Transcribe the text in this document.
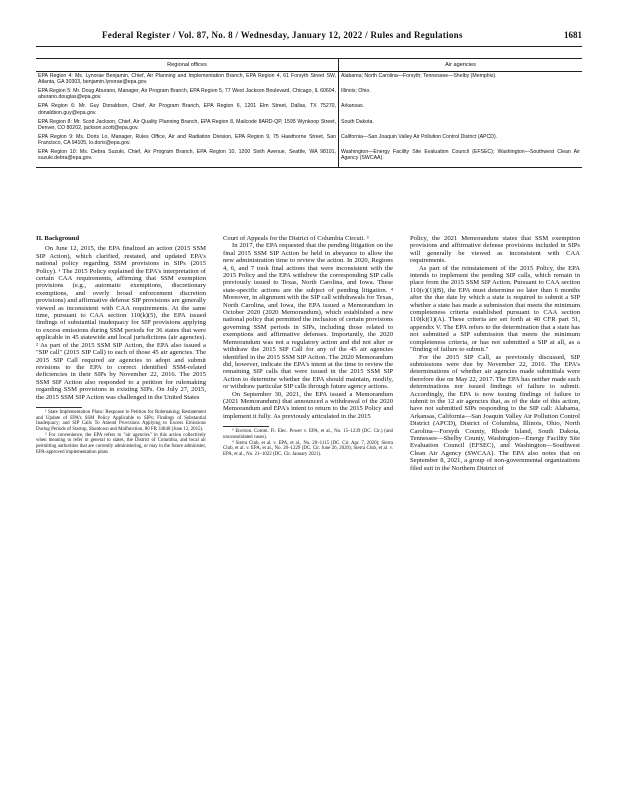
Federal Register / Vol. 87, No. 8 / Wednesday, January 12, 2022 / Rules and Regulations	1681
Regional offices	Air agencies
EPA Region 4: Ms. Lynorae Benjamin, Chief, Air Planning and Implementation Branch, EPA Region 4, 61 Forsyth Street SW, Atlanta, GA 30303, benjamin.lynorae@epa.gov.	Alabama; North Carolina—Forsyth; Tennessee—Shelby (Memphis).
EPA Region 5: Mr. Doug Aburano, Manager, Air Program Branch, EPA Region 5, 77 West Jackson Boulevard, Chicago, IL 60604, aburano.douglas@epa.gov.	Illinois; Ohio.
EPA Region 6: Mr. Guy Donaldson, Chief, Air Program Branch, EPA Region 6, 1201 Elm Street, Dallas, TX 75270, donaldson.guy@epa.gov.	Arkansas.
EPA Region 8: Mr. Scott Jackson, Chief, Air Quality Planning Branch, EPA Region 8, Mailcode 8ARD-QP, 1595 Wynkoop Street, Denver, CO 80202, jackson.scott@epa.gov.	South Dakota.
EPA Region 9: Ms. Doris Lo, Manager, Rules Office, Air and Radiation Division, EPA Region 9, 75 Hawthorne Street, San Francisco, CA 94105, lo.doris@epa.gov.	California—San Joaquin Valley Air Pollution Control District (APCD).
EPA Region 10: Ms. Debra Suzuki, Chief, Air Program Branch, EPA Region 10, 1200 Sixth Avenue, Seattle, WA 98101, suzuki.debra@epa.gov.	Washington—Energy Facility Site Evaluation Council (EFSEC); Washington—Southwest Clean Air Agency (SWCAA).
II. Background

On June 12, 2015, the EPA finalized an action (2015 SSM SIP Action), which clarified, restated, and updated EPA's national policy regarding SSM provisions in SIPs (2015 Policy). ¹ The 2015 Policy explained the EPA's interpretation of certain CAA requirements, affirming that SSM exemption provisions (e.g., automatic exemptions, discretionary exemptions, and overly broad enforcement discretion provisions) and affirmative defense SIP provisions are generally viewed as inconsistent with CAA requirements. At the same time, pursuant to CAA section 110(k)(5), the EPA issued findings of substantial inadequacy for SIP provisions applying to excess emissions during SSM periods for 36 states that were applicable in 45 statewide and local jurisdictions (air agencies). ² As part of the 2015 SSM SIP Action, the EPA also issued a "SIP call" (2015 SIP Call) to each of those 45 air agencies. The 2015 SIP Call required air agencies to adopt and submit revisions to the EPA to correct identified SSM-related deficiencies in their SIPs by November 22, 2016. The 2015 SSM SIP Action also responded to a petition for rulemaking regarding SSM provisions in existing SIPs. On July 27, 2015, the 2015 SSM SIP Action was challenged in the United States

¹ State Implementation Plans: Response to Petition for Rulemaking; Restatement and Update of EPA's SSM Policy Applicable to SIPs; Findings of Substantial Inadequacy; and SIP Calls To Amend Provisions Applying to Excess Emissions During Periods of Startup, Shutdown and Malfunction, 80 FR 33840 (June 12, 2015).

² For convenience, the EPA refers to "air agencies" in this action collectively when meaning to refer in general to states, the District of Columbia, and local air permitting authorities that are currently administering, or may in the future administer, EPA-approved implementation plans

Court of Appeals for the District of Columbia Circuit. ³

In 2017, the EPA requested that the pending litigation on the final 2015 SSM SIP Action be held in abeyance to allow the new administration time to review the action. In 2020, Regions 4, 6, and 7 took final actions that were inconsistent with the 2015 Policy and the EPA withdrew the corresponding SIP calls previously issued to Texas, North Carolina, and Iowa. These state-specific actions are the subject of pending litigation. ⁴ Moreover, in alignment with the SIP call withdrawals for Texas, North Carolina, and Iowa, the EPA issued a Memorandum in October 2020 (2020 Memorandum), which established a new national policy that permitted the inclusion of certain provisions governing SSM periods in SIPs, including those related to exemptions and affirmative defenses. Importantly, the 2020 Memorandum was not a regulatory action and did not alter or withdraw the 2015 SIP Call for any of the 45 air agencies identified in the 2015 SSM SIP Action. The 2020 Memorandum did, however, indicate the EPA's intent at the time to review the remaining SIP calls that were issued in the 2015 SSM SIP Action to determine whether the EPA should maintain, modify, or withdraw particular SIP calls through future agency actions.

On September 30, 2021, the EPA issued a Memorandum (2021 Memorandum) that announced a withdrawal of the 2020 Memorandum and EPA's intent to return to the 2015 Policy and implement it fully. As previously articulated in the 2015

³ Environ. Comm. Fl. Elec. Power v. EPA, et al., No. 15–1239 (DC. Cir.) (and unconsolidated cases).

⁴ Sierra Club, et al. v. EPA, et al., No. 20–1115 (DC. Cir. Apr. 7, 2020); Sierra Club, et al. v. EPA, et al., No. 20–1229 (DC. Cir. June 26, 2020); Sierra Club, et al. v. EPA, et al., No. 21–1022 (DC. Cir. January 2021).

Policy, the 2021 Memorandum states that SSM exemption provisions and affirmative defense provisions included in SIPs will generally be viewed as inconsistent with CAA requirements.

As part of the reinstatement of the 2015 Policy, the EPA intends to implement the pending SIP calls, which remain in place from the 2015 SSM SIP Action. Pursuant to CAA section 110(c)(1)(B), the EPA must determine no later than 6 months after the due date by which a state is required to submit a SIP whether a state has made a submission that meets the minimum completeness criteria established pursuant to CAA section 110(k)(1)(A). These criteria are set forth at 40 CFR part 51, appendix V. The EPA refers to the determination that a state has not submitted a SIP submission that meets the minimum completeness criteria, or has not submitted a SIP at all, as a "finding of failure to submit."

For the 2015 SIP Call, as previously discussed, SIP submissions were due by November 22, 2016. The EPA's determinations of whether air agencies made submittals were therefore due on May 22, 2017. The EPA has neither made such determinations nor issued findings of failure to submit. Accordingly, the EPA is now issuing findings of failure to submit to the 12 air agencies that, as of the date of this action, have not submitted SIPs responding to the SIP call: Alabama, Arkansas, California—San Joaquin Valley Air Pollution Control District (APCD), District of Columbia, Illinois, Ohio, North Carolina—Forsyth County, Rhode Island, South Dakota, Tennessee—Shelby County, Washington—Energy Facility Site Evaluation Council (EFSEC), and Washington—Southwest Clean Air Agency (SWCAA). The EPA also notes that on September 8, 2021, a group of non-governmental organizations filed suit in the Northern District of
